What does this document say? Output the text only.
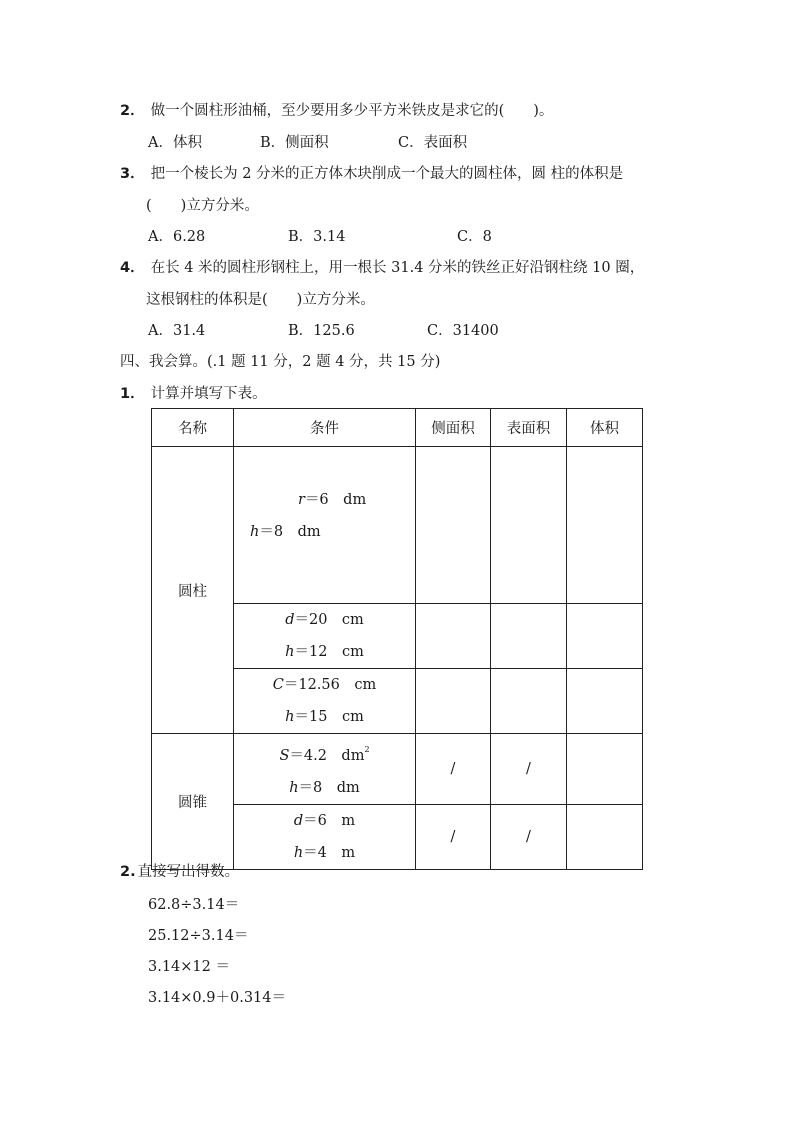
2． 做一个圆柱形油桶，至少要用多少平方米铁皮是求它的(　　)。
A．体积	B．侧面积	C．表面积
3． 把一个棱长为 2 分米的正方体木块削成一个最大的圆柱体，圆 柱的体积是
(　　)立方分米。
A．6.28	B．3.14	C．8
4． 在长 4 米的圆柱形钢柱上，用一根长 31.4 分米的铁丝正好沿钢柱绕 10 圈，
这根钢柱的体积是(　　)立方分米。
A．31.4	B．125.6	C．31400
四、我会算。(.1 题 11 分，2 题 4 分，共 15 分)
1． 计算并填写下表。
名称	条件	侧面积	表面积	体积
圆柱	r＝6　dm
h＝8　dm			

	d＝20　cm
h＝12　cm			

	C＝12.56　cm
h＝15　cm			

圆锥	S＝4.2　$dm^2$
h＝8　dm	/	/	

	d＝6　m
h＝4　m	/	/	
2. 直接写出得数。
62.8÷3.14＝
25.12÷3.14＝
3.14×12 ＝
3.14×0.9＋0.314＝
